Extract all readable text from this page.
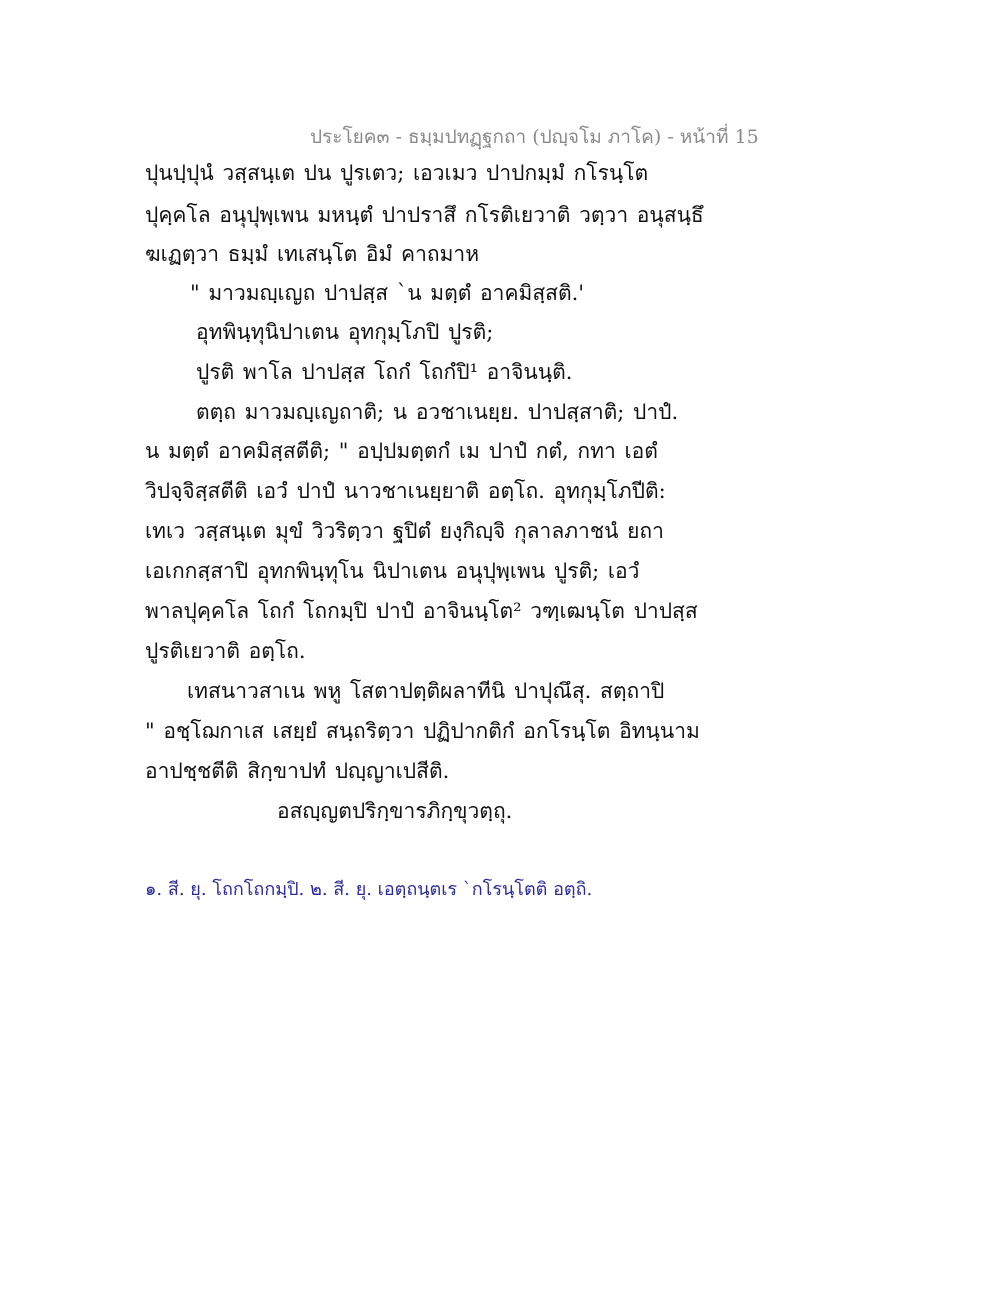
ประโยค๓ - ธมฺมปทฏฺฐกถา (ปญฺจโม ภาโค) - หน้าที่ 15
ปุนปฺปุนํ วสฺสนฺเต ปน ปูรเตว; เอวเมว ปาปกมฺมํ กโรนฺโต
ปุคฺคโล อนุปุพฺเพน มหนฺตํ ปาปราสึ กโรติเยวาติ วตฺวา อนุสนฺธึ
ฆเฏตฺวา ธมฺมํ เทเสนฺโต อิมํ คาถมาห
" มาวมญฺเญถ ปาปสฺส `น มตฺตํ อาคมิสฺสติ.'
อุทพินฺทุนิปาเตน อุทกุมฺโภปิ ปูรติ;
ปูรติ พาโล ปาปสฺส โถกํ โถกํปิ¹ อาจินนฺติ.
ตตฺถ มาวมญฺเญถาติ; น อวชาเนยฺย. ปาปสฺสาติ; ปาปํ.
น มตฺตํ อาคมิสฺสตีติ; " อปฺปมตฺตกํ เม ปาปํ กตํ, กทา เอตํ
วิปจฺจิสฺสตีติ เอวํ ปาปํ นาวชาเนยฺยาติ อตฺโถ. อุทกุมฺโภปีติ:
เทเว วสฺสนฺเต มุขํ วิวริตฺวา ฐปิตํ ยงฺกิญฺจิ กุลาลภาชนํ ยถา
เอเกกสฺสาปิ อุทกพินฺทุโน นิปาเตน อนุปุพฺเพน ปูรติ; เอวํ
พาลปุคฺคโล โถกํ โถกมฺปิ ปาปํ อาจินนฺโต² วฑฺเฒนฺโต ปาปสฺส
ปูรติเยวาติ อตฺโถ.
เทสนาวสาเน พหู โสตาปตฺติผลาทีนิ ปาปุณึสุ. สตฺถาปิ
" อชฺโฌกาเส เสยฺยํ สนฺถริตฺวา ปฏิปากติกํ อกโรนฺโต อิทนฺนาม
อาปชฺชตีติ สิกฺขาปทํ ปญฺญาเปสีติ.
อสญฺญตปริกฺขารภิกฺขุวตฺถุ.
๑. สี. ยุ. โถกโถกมฺปิ. ๒. สี. ยุ. เอตฺถนฺตเร `กโรนฺโตติ อตฺถิ.
